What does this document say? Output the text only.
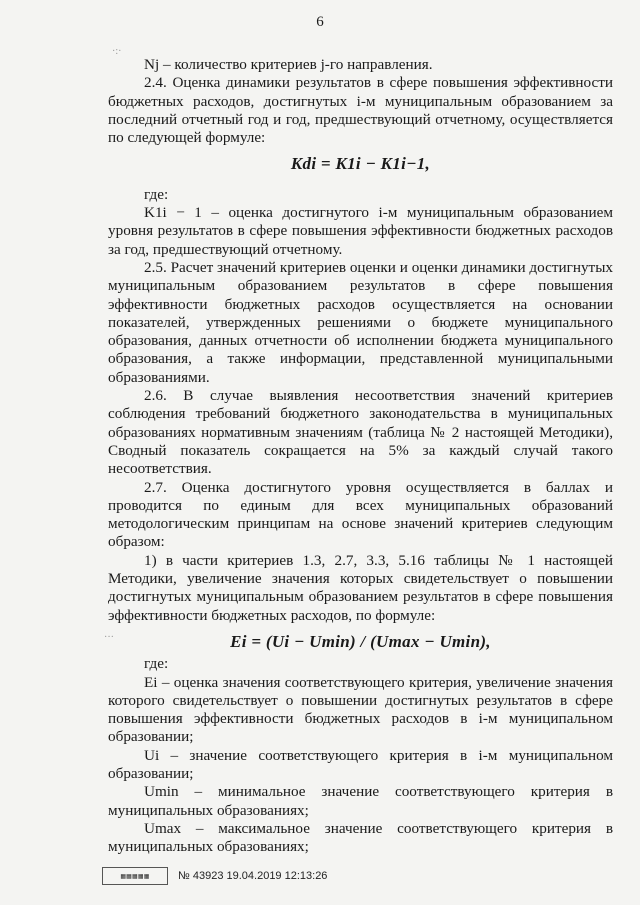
6

Nj – количество критериев j-го направления.

2.4. Оценка динамики результатов в сфере повышения эффективности бюджетных расходов, достигнутых i-м муниципальным образованием за последний отчетный год и год, предшествующий отчетному, осуществляется по следующей формуле:

Kdi = K1i − K1i−1,

где:

K1i − 1 – оценка достигнутого i-м муниципальным образованием уровня результатов в сфере повышения эффективности бюджетных расходов за год, предшествующий отчетному.

2.5. Расчет значений критериев оценки и оценки динамики достигнутых муниципальным образованием результатов в сфере повышения эффективности бюджетных расходов осуществляется на основании показателей, утвержденных решениями о бюджете муниципального образования, данных отчетности об исполнении бюджета муниципального образования, а также информации, представленной муниципальными образованиями.

2.6. В случае выявления несоответствия значений критериев соблюдения требований бюджетного законодательства в муниципальных образованиях нормативным значениям (таблица № 2 настоящей Методики), Сводный показатель сокращается на 5% за каждый случай такого несоответствия.

2.7. Оценка достигнутого уровня осуществляется в баллах и проводится по единым для всех муниципальных образований методологическим принципам на основе значений критериев следующим образом:

1) в части критериев 1.3, 2.7, 3.3, 5.16 таблицы № 1 настоящей Методики, увеличение значения которых свидетельствует о повышении достигнутых муниципальным образованием результатов в сфере повышения эффективности бюджетных расходов, по формуле:

Ei = (Ui − Umin) / (Umax − Umin),

где:

Ei – оценка значения соответствующего критерия, увеличение значения которого свидетельствует о повышении достигнутых результатов в сфере повышения эффективности бюджетных расходов в i-м муниципальном образовании;

Ui – значение соответствующего критерия в i-м муниципальном образовании;

Umin – минимальное значение соответствующего критерия в муниципальных образованиях;

Umax – максимальное значение соответствующего критерия в муниципальных образованиях;

·:·
···
▦▦▦▦▦	№ 43923 19.04.2019 12:13:26
